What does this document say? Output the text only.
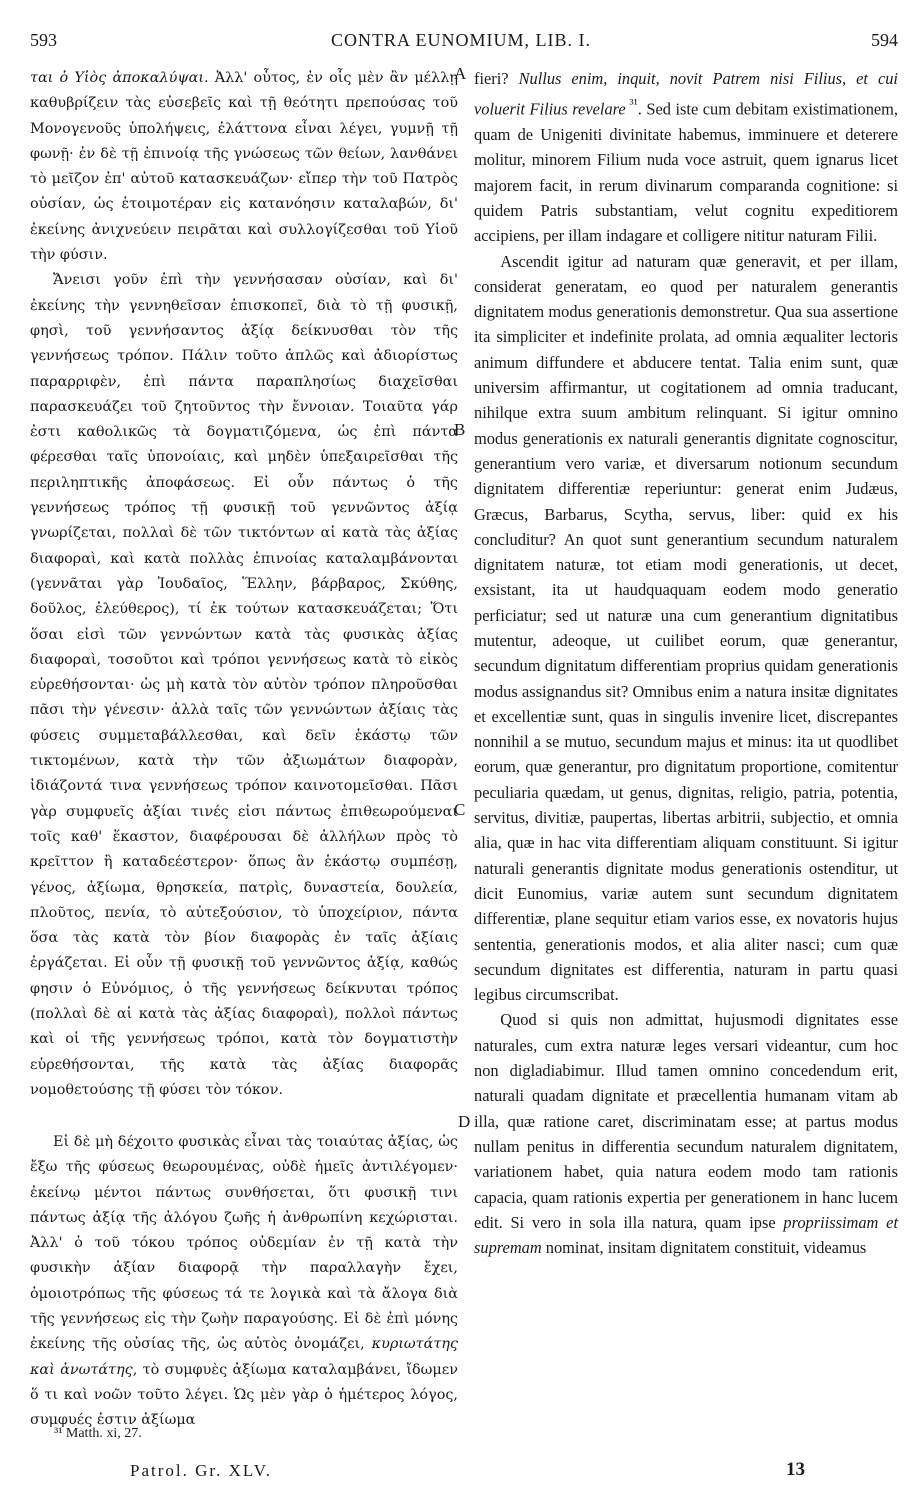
593	CONTRA EUNOMIUM, LIB. I.	594

ται ὁ Υἱὸς ἀποκαλύψαι. Ἀλλ' οὗτος, ἐν οἷς μὲν ἂν μέλλῃ καθυβρίζειν τὰς εὐσεβεῖς καὶ τῇ θεότητι πρεπούσας τοῦ Μονογενοῦς ὑπολήψεις, ἐλάττονα εἶναι λέγει, γυμνῇ τῇ φωνῇ· ἐν δὲ τῇ ἐπινοίᾳ τῆς γνώσεως τῶν θείων, λανθάνει τὸ μεῖζον ἐπ' αὐτοῦ κατασκευάζων· εἴπερ τὴν τοῦ Πατρὸς οὐσίαν, ὡς ἑτοιμοτέραν εἰς κατανόησιν καταλαβών, δι' ἐκείνης ἀνιχνεύειν πειρᾶται καὶ συλλογίζεσθαι τοῦ Υἱοῦ τὴν φύσιν.

Ἄνεισι γοῦν ἐπὶ τὴν γεννήσασαν οὐσίαν, καὶ δι' ἐκείνης τὴν γεννηθεῖσαν ἐπισκοπεῖ, διὰ τὸ τῇ φυσικῇ, φησὶ, τοῦ γεννήσαντος ἀξίᾳ δείκνυσθαι τὸν τῆς γεννήσεως τρόπον. Πάλιν τοῦτο ἁπλῶς καὶ ἀδιορίστως παραρριφὲν, ἐπὶ πάντα παραπλησίως διαχεῖσθαι παρασκευάζει τοῦ ζητοῦντος τὴν ἔννοιαν. Τοιαῦτα γάρ ἐστι καθολικῶς τὰ δογματιζόμενα, ὡς ἐπὶ πάντα φέρεσθαι ταῖς ὑπονοίαις, καὶ μηδὲν ὑπεξαιρεῖσθαι τῆς περιληπτικῆς ἀποφάσεως. Εἰ οὖν πάντως ὁ τῆς γεννήσεως τρόπος τῇ φυσικῇ τοῦ γεννῶντος ἀξίᾳ γνωρίζεται, πολλαὶ δὲ τῶν τικτόντων αἱ κατὰ τὰς ἀξίας διαφοραὶ, καὶ κατὰ πολλὰς ἐπινοίας καταλαμβάνονται (γεννᾶται γὰρ Ἰουδαῖος, Ἕλλην, βάρβαρος, Σκύθης, δοῦλος, ἐλεύθερος), τί ἐκ τούτων κατασκευάζεται; Ὅτι ὅσαι εἰσὶ τῶν γεννώντων κατὰ τὰς φυσικὰς ἀξίας διαφοραὶ, τοσοῦτοι καὶ τρόποι γεννήσεως κατὰ τὸ εἰκὸς εὑρεθήσονται· ὡς μὴ κατὰ τὸν αὐτὸν τρόπον πληροῦσθαι πᾶσι τὴν γένεσιν· ἀλλὰ ταῖς τῶν γεννώντων ἀξίαις τὰς φύσεις συμμεταβάλλεσθαι, καὶ δεῖν ἑκάστῳ τῶν τικτομένων, κατὰ τὴν τῶν ἀξιωμάτων διαφορὰν, ἰδιάζοντά τινα γεννήσεως τρόπον καινοτομεῖσθαι. Πᾶσι γὰρ συμφυεῖς ἀξίαι τινές εἰσι πάντως ἐπιθεωρούμεναι τοῖς καθ' ἕκαστον, διαφέρουσαι δὲ ἀλλήλων πρὸς τὸ κρεῖττον ἢ καταδεέστερον· ὅπως ἂν ἑκάστῳ συμπέσῃ, γένος, ἀξίωμα, θρησκεία, πατρὶς, δυναστεία, δουλεία, πλοῦτος, πενία, τὸ αὐτεξούσιον, τὸ ὑποχείριον, πάντα ὅσα τὰς κατὰ τὸν βίον διαφορὰς ἐν ταῖς ἀξίαις ἐργάζεται. Εἰ οὖν τῇ φυσικῇ τοῦ γεννῶντος ἀξίᾳ, καθώς φησιν ὁ Εὐνόμιος, ὁ τῆς γεννήσεως δείκνυται τρόπος (πολλαὶ δὲ αἱ κατὰ τὰς ἀξίας διαφοραὶ), πολλοὶ πάντως καὶ οἱ τῆς γεννήσεως τρόποι, κατὰ τὸν δογματιστὴν εὑρεθήσονται, τῆς κατὰ τὰς ἀξίας διαφορᾶς νομοθετούσης τῇ φύσει τὸν τόκον.

Εἰ δὲ μὴ δέχοιτο φυσικὰς εἶναι τὰς τοιαύτας ἀξίας, ὡς ἔξω τῆς φύσεως θεωρουμένας, οὐδὲ ἡμεῖς ἀντιλέγομεν· ἐκείνῳ μέντοι πάντως συνθήσεται, ὅτι φυσικῇ τινι πάντως ἀξίᾳ τῆς ἀλόγου ζωῆς ἡ ἀνθρωπίνη κεχώρισται. Ἀλλ' ὁ τοῦ τόκου τρόπος οὐδεμίαν ἐν τῇ κατὰ τὴν φυσικὴν ἀξίαν διαφορᾷ τὴν παραλλαγὴν ἔχει, ὁμοιοτρόπως τῆς φύσεως τά τε λογικὰ καὶ τὰ ἄλογα διὰ τῆς γεννήσεως εἰς τὴν ζωὴν παραγούσης. Εἰ δὲ ἐπὶ μόνης ἐκείνης τῆς οὐσίας τῆς, ὡς αὐτὸς ὀνομάζει, κυριωτάτης καὶ ἀνωτάτης, τὸ συμφυὲς ἀξίωμα καταλαμβάνει, ἴδωμεν ὅ τι καὶ νοῶν τοῦτο λέγει. Ὡς μὲν γὰρ ὁ ἡμέτερος λόγος, συμφυές ἐστιν ἀξίωμα

fieri? Nullus enim, inquit, novit Patrem nisi Filius, et cui voluerit Filius revelare $^{^{31}}$. Sed iste cum debitam existimationem, quam de Unigeniti divinitate habemus, imminuere et deterere molitur, minorem Filium nuda voce astruit, quem ignarus licet majorem facit, in rerum divinarum comparanda cognitione: si quidem Patris substantiam, velut cognitu expeditiorem accipiens, per illam indagare et colligere nititur naturam Filii.

Ascendit igitur ad naturam quæ generavit, et per illam, considerat generatam, eo quod per naturalem generantis dignitatem modus generationis demonstretur. Qua sua assertione ita simpliciter et indefinite prolata, ad omnia æqualiter lectoris animum diffundere et abducere tentat. Talia enim sunt, quæ universim affirmantur, ut cogitationem ad omnia traducant, nihilque extra suum ambitum relinquant. Si igitur omnino modus generationis ex naturali generantis dignitate cognoscitur, generantium vero variæ, et diversarum notionum secundum dignitatem differentiæ reperiuntur: generat enim Judæus, Græcus, Barbarus, Scytha, servus, liber: quid ex his concluditur? An quot sunt generantium secundum naturalem dignitatem naturæ, tot etiam modi generationis, ut decet, exsistant, ita ut haudquaquam eodem modo generatio perficiatur; sed ut naturæ una cum generantium dignitatibus mutentur, adeoque, ut cuilibet eorum, quæ generantur, secundum dignitatum differentiam proprius quidam generationis modus assignandus sit? Omnibus enim a natura insitæ dignitates et excellentiæ sunt, quas in singulis invenire licet, discrepantes nonnihil a se mutuo, secundum majus et minus: ita ut quodlibet eorum, quæ generantur, pro dignitatum proportione, comitentur peculiaria quædam, ut genus, dignitas, religio, patria, potentia, servitus, divitiæ, paupertas, libertas arbitrii, subjectio, et omnia alia, quæ in hac vita differentiam aliquam constituunt. Si igitur naturali generantis dignitate modus generationis ostenditur, ut dicit Eunomius, variæ autem sunt secundum dignitatem differentiæ, plane sequitur etiam varios esse, ex novatoris hujus sententia, generationis modos, et alia aliter nasci; cum quæ secundum dignitates est differentia, naturam in partu quasi legibus circumscribat.

Quod si quis non admittat, hujusmodi dignitates esse naturales, cum extra naturæ leges versari videantur, cum hoc non digladiabimur. Illud tamen omnino concedendum erit, naturali quadam dignitate et præcellentia humanam vitam ab illa, quæ ratione caret, discriminatam esse; at partus modus nullam penitus in differentia secundum naturalem dignitatem, variationem habet, quia natura eodem modo tam rationis capacia, quam rationis expertia per generationem in hanc lucem edit. Si vero in sola illa natura, quam ipse propriissimam et supremam nominat, insitam dignitatem constituit, videamus

A
B
C
D
³¹ Matth. xi, 27.
Patrol. Gr. XLV.	13
